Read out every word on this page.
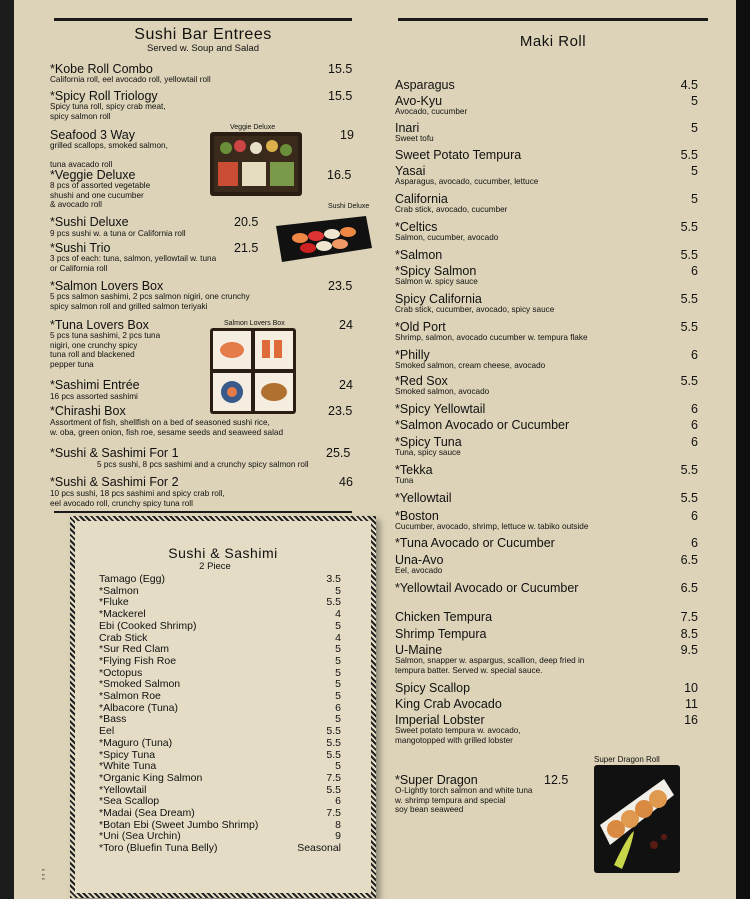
Sushi Bar Entrees
Served w. Soup and Salad
*Kobe Roll Combo
California roll, eel avocado roll, yellowtail roll
15.5
*Spicy Roll Triology
Spicy tuna roll, spicy crab meat,
spicy salmon roll
15.5
Seafood 3 Way
grilled scallops, smoked salmon,

tuna avacado roll
19
*Veggie Deluxe
8 pcs of assorted vegetable
shushi and one cucumber
& avocado roll
16.5
*Sushi Deluxe
9 pcs sushi w. a tuna or California roll
20.5
*Sushi Trio
3 pcs of each: tuna, salmon, yellowtail w. tuna
or California roll
21.5
*Salmon Lovers Box
5 pcs salmon sashimi, 2 pcs salmon nigiri, one crunchy
spicy salmon roll and grilled salmon teriyaki
23.5
*Tuna Lovers Box
5 pcs tuna sashimi, 2 pcs tuna
nigiri, one crunchy spicy
tuna roll and blackened
pepper tuna
24
*Sashimi Entrée
16 pcs assorted sashimi
24
*Chirashi Box
Assortment of fish, shellfish on a bed of seasoned sushi rice,
w. oba, green onion, fish roe, sesame seeds and seaweed salad
23.5
*Sushi & Sashimi For 1
5 pcs sushi, 8 pcs sashimi and a crunchy spicy salmon roll
25.5
*Sushi & Sashimi For 2
10 pcs sushi, 18 pcs sashimi and spicy crab roll,
eel avocado roll, crunchy spicy tuna roll
46
Veggie Deluxe
Sushi Deluxe
Salmon Lovers Box
Sushi & Sashimi
2 Piece
Tamago (Egg)	3.5
*Salmon	5
*Fluke	5.5
*Mackerel	4
Ebi (Cooked Shrimp)	5
Crab Stick	4
*Sur Red Clam	5
*Flying Fish Roe	5
*Octopus	5
*Smoked Salmon	5
*Salmon Roe	5
*Albacore (Tuna)	6
*Bass	5
Eel	5.5
*Maguro (Tuna)	5.5
*Spicy Tuna	5.5
*White Tuna	5
*Organic King Salmon	7.5
*Yellowtail	5.5
*Sea Scallop	6
*Madai (Sea Dream)	7.5
*Botan Ebi (Sweet Jumbo Shrimp)	8
*Uni (Sea Urchin)	9
*Toro (Bluefin Tuna Belly)	Seasonal
▪▪
▪▪
▪▪
Maki Roll
Asparagus	4.5
Avo-Kyu
Avocado, cucumber
5
Inari
Sweet tofu
5
Sweet Potato Tempura	5.5
Yasai
Asparagus, avocado, cucumber, lettuce
5
California
Crab stick, avocado, cucumber
5
*Celtics
Salmon, cucumber, avocado
5.5
*Salmon	5.5
*Spicy Salmon
Salmon w. spicy sauce
6
Spicy California
Crab stick, cucumber, avocado, spicy sauce
5.5
*Old Port
Shrimp, salmon, avocado cucumber w. tempura flake
5.5
*Philly
Smoked salmon, cream cheese, avocado
6
*Red Sox
Smoked salmon, avocado
5.5
*Spicy Yellowtail	6
*Salmon Avocado or Cucumber	6
*Spicy Tuna
Tuna, spicy sauce
6
*Tekka
Tuna
5.5
*Yellowtail	5.5
*Boston
Cucumber, avocado, shrimp, lettuce w. tabiko outside
6
*Tuna Avocado or Cucumber	6
Una-Avo
Eel, avocado
6.5
*Yellowtail Avocado or Cucumber	6.5
Chicken Tempura	7.5
Shrimp Tempura	8.5
U-Maine
Salmon, snapper w. aspargus, scallion, deep fried in
tempura batter. Served w. special sauce.
9.5
Spicy Scallop	10
King Crab Avocado	11
Imperial Lobster
Sweet potato tempura w. avocado,
mangotopped with grilled lobster
16
*Super Dragon
O-Lightly torch salmon and white tuna
w. shrimp tempura and special
soy bean seaweed
12.5
Super Dragon Roll
